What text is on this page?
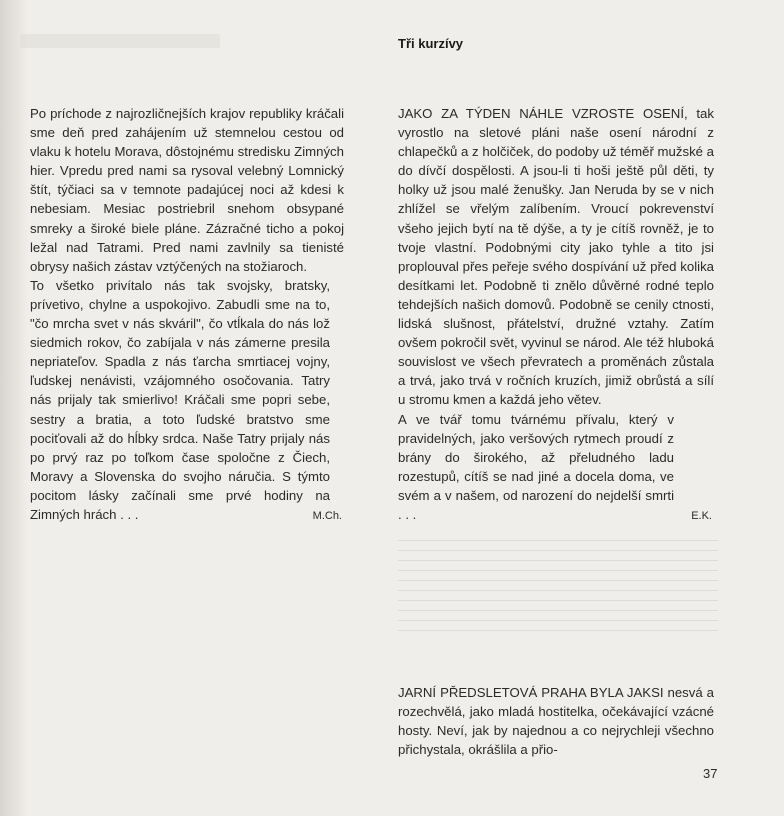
Tři kurzívy

Po príchode z najrozličnejších krajov republiky kráčali sme deň pred zahájením už stemnelou cestou od vlaku k hotelu Morava, dôstojnému stredisku Zimných hier. Vpredu pred nami sa rysoval velebný Lomnický štít, týčiaci sa v temnote padajúcej noci až kdesi k nebesiam. Mesiac postriebril snehom obsypané smreky a široké biele pláne. Zázračné ticho a pokoj ležal nad Tatrami. Pred nami zavlnily sa tienisté obrysy našich zástav vztýčených na stožiaroch.

To všetko privítalo nás tak svojsky, bratsky, prívetivo, chylne a uspokojivo. Zabudli sme na to, "čo mrcha svet v nás skváril", čo vtĺkala do nás lož siedmich rokov, čo zabíjala v nás zámerne presila nepriateľov. Spadla z nás ťarcha smrtiacej vojny, ľudskej nenávisti, vzájomného osočovania. Tatry nás prijaly tak smierlivo! Kráčali sme popri sebe, sestry a bratia, a toto ľudské bratstvo sme pociťovali až do hĺbky srdca. Naše Tatry prijaly nás po prvý raz po toľkom čase spoločne z Čiech, Moravy a Slovenska do svojho náručia. S týmto pocitom lásky začínali sme prvé hodiny na Zimných hrách . . .	M.Ch.

JAKO ZA TÝDEN NÁHLE VZROSTE OSENÍ, tak vyrostlo na sletové pláni naše osení národní z chlapečků a z holčiček, do podoby už téměř mužské a do dívčí dospělosti. A jsou-li ti hoši ještě půl děti, ty holky už jsou malé ženušky. Jan Neruda by se v nich zhlížel se vřelým zalíbením. Vroucí pokrevenství všeho jejich bytí na tě dýše, a ty je cítíš rovněž, je to tvoje vlastní. Podobnými city jako tyhle a tito jsi proplouval přes peřeje svého dospívání už před kolika desítkami let. Podobně ti znělo důvěrné rodné teplo tehdejších našich domovů. Podobně se cenily ctnosti, lidská slušnost, přátelství, družné vztahy. Zatím ovšem pokročil svět, vyvinul se národ. Ale též hluboká souvislost ve všech převratech a proměnách zůstala a trvá, jako trvá v ročních kruzích, jimiž obrůstá a sílí u stromu kmen a každá jeho větev.

A ve tvář tomu tvárnému přívalu, který v pravidelných, jako veršových rytmech proudí z brány do širokého, až přeludného ladu rozestupů, cítíš se nad jiné a docela doma, ve svém a v našem, od narození do nejdelší smrti . . .	E.K.

JARNÍ PŘEDSLETOVÁ PRAHA BYLA JAKSI nesvá a rozechvělá, jako mladá hostitelka, očekávající vzácné hosty. Neví, jak by najednou a co nejrychleji všechno přichystala, okrášlila a přio-

37
